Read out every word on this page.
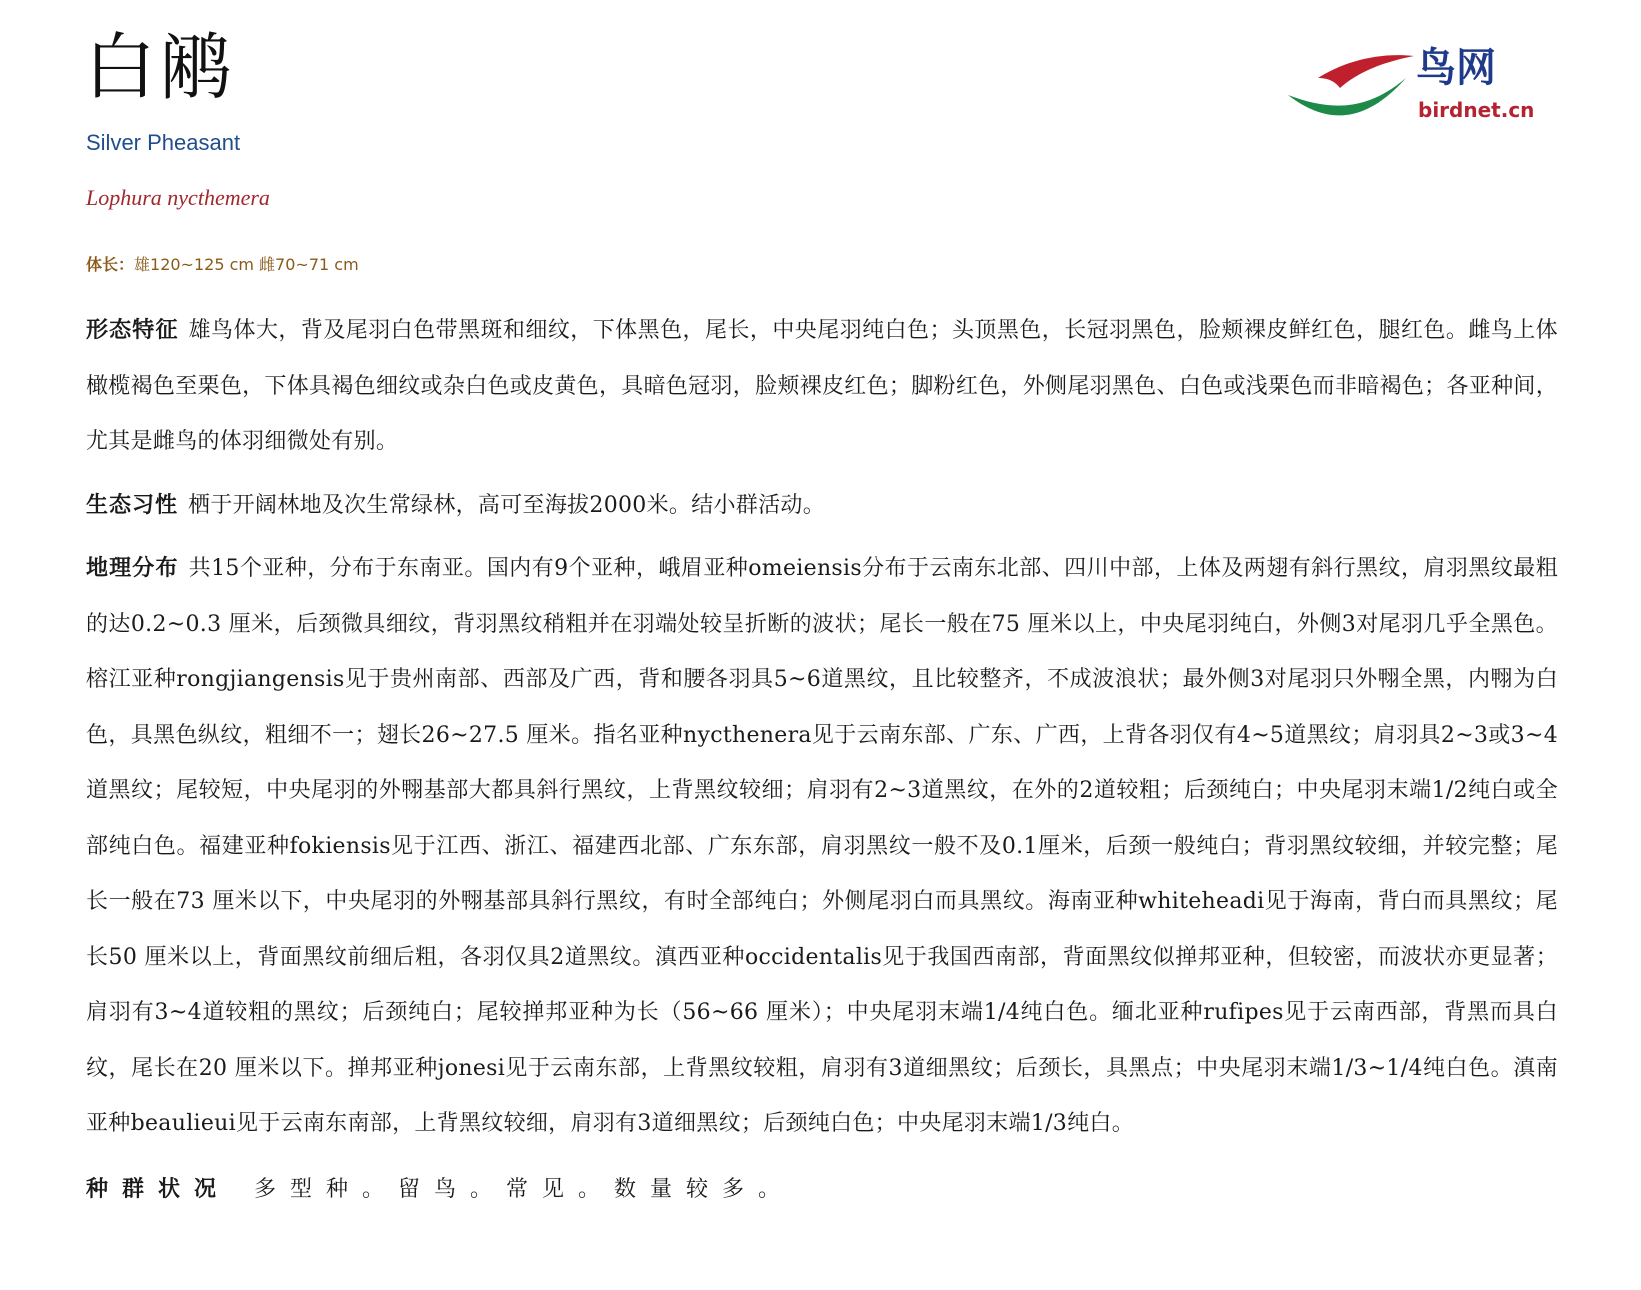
白鹇
Silver Pheasant
Lophura nycthemera
体长：雄120~125 cm 雌70~71 cm
鸟网
birdnet.cn

形态特征 雄鸟体大，背及尾羽白色带黑斑和细纹，下体黑色，尾长，中央尾羽纯白色；头顶黑色，长冠羽黑色，脸颊裸皮鲜红色，腿红色。雌鸟上体橄榄褐色至栗色，下体具褐色细纹或杂白色或皮黄色，具暗色冠羽，脸颊裸皮红色；脚粉红色，外侧尾羽黑色、白色或浅栗色而非暗褐色；各亚种间，尤其是雌鸟的体羽细微处有别。

生态习性 栖于开阔林地及次生常绿林，高可至海拔2000米。结小群活动。

地理分布 共15个亚种，分布于东南亚。国内有9个亚种，峨眉亚种omeiensis分布于云南东北部、四川中部，上体及两翅有斜行黑纹，肩羽黑纹最粗的达0.2~0.3 厘米，后颈微具细纹，背羽黑纹稍粗并在羽端处较呈折断的波状；尾长一般在75 厘米以上，中央尾羽纯白，外侧3对尾羽几乎全黑色。榕江亚种rongjiangensis见于贵州南部、西部及广西，背和腰各羽具5~6道黑纹，且比较整齐，不成波浪状；最外侧3对尾羽只外翈全黑，内翈为白色，具黑色纵纹，粗细不一；翅长26~27.5 厘米。指名亚种nycthenera见于云南东部、广东、广西，上背各羽仅有4~5道黑纹；肩羽具2~3或3~4道黑纹；尾较短，中央尾羽的外翈基部大都具斜行黑纹，上背黑纹较细；肩羽有2~3道黑纹，在外的2道较粗；后颈纯白；中央尾羽末端1/2纯白或全部纯白色。福建亚种fokiensis见于江西、浙江、福建西北部、广东东部，肩羽黑纹一般不及0.1厘米，后颈一般纯白；背羽黑纹较细，并较完整；尾长一般在73 厘米以下，中央尾羽的外翈基部具斜行黑纹，有时全部纯白；外侧尾羽白而具黑纹。海南亚种whiteheadi见于海南，背白而具黑纹；尾长50 厘米以上，背面黑纹前细后粗，各羽仅具2道黑纹。滇西亚种occidentalis见于我国西南部，背面黑纹似掸邦亚种，但较密，而波状亦更显著；肩羽有3~4道较粗的黑纹；后颈纯白；尾较掸邦亚种为长（56~66 厘米）；中央尾羽末端1/4纯白色。缅北亚种rufipes见于云南西部，背黑而具白纹，尾长在20 厘米以下。掸邦亚种jonesi见于云南东部，上背黑纹较粗，肩羽有3道细黑纹；后颈长，具黑点；中央尾羽末端1/3~1/4纯白色。滇南亚种beaulieui见于云南东南部，上背黑纹较细，肩羽有3道细黑纹；后颈纯白色；中央尾羽末端1/3纯白。

种群状况 多型种。留鸟。常见。数量较多。
